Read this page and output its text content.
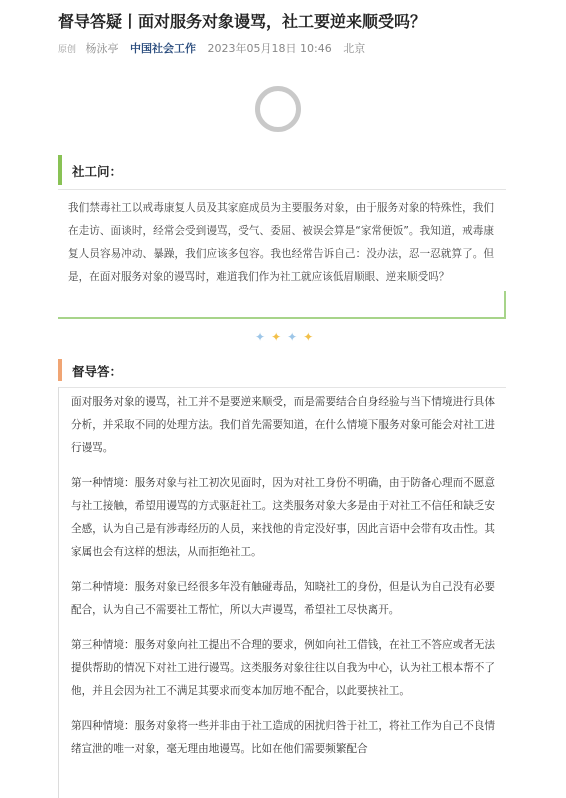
督导答疑丨面对服务对象谩骂，社工要逆来顺受吗？
原创 杨泳亭 中国社会工作 2023年05月18日 10:46 北京
社工问：
我们禁毒社工以戒毒康复人员及其家庭成员为主要服务对象，由于服务对象的特殊性，我们在走访、面谈时，经常会受到谩骂，受气、委屈、被误会算是“家常便饭”。我知道，戒毒康复人员容易冲动、暴躁，我们应该多包容。我也经常告诉自己：没办法，忍一忍就算了。但是，在面对服务对象的谩骂时，难道我们作为社工就应该低眉顺眼、逆来顺受吗？
✦✦✦✦
督导答：

面对服务对象的谩骂，社工并不是要逆来顺受，而是需要结合自身经验与当下情境进行具体分析，并采取不同的处理方法。我们首先需要知道，在什么情境下服务对象可能会对社工进行谩骂。

第一种情境：服务对象与社工初次见面时，因为对社工身份不明确，由于防备心理而不愿意与社工接触，希望用谩骂的方式驱赶社工。这类服务对象大多是由于对社工不信任和缺乏安全感，认为自己是有涉毒经历的人员，来找他的肯定没好事，因此言语中会带有攻击性。其家属也会有这样的想法，从而拒绝社工。

第二种情境：服务对象已经很多年没有触碰毒品，知晓社工的身份，但是认为自己没有必要配合，认为自己不需要社工帮忙，所以大声谩骂，希望社工尽快离开。

第三种情境：服务对象向社工提出不合理的要求，例如向社工借钱，在社工不答应或者无法提供帮助的情况下对社工进行谩骂。这类服务对象往往以自我为中心，认为社工根本帮不了他，并且会因为社工不满足其要求而变本加厉地不配合，以此要挟社工。

第四种情境：服务对象将一些并非由于社工造成的困扰归咎于社工，将社工作为自己不良情绪宣泄的唯一对象，毫无理由地谩骂。比如在他们需要频繁配合
